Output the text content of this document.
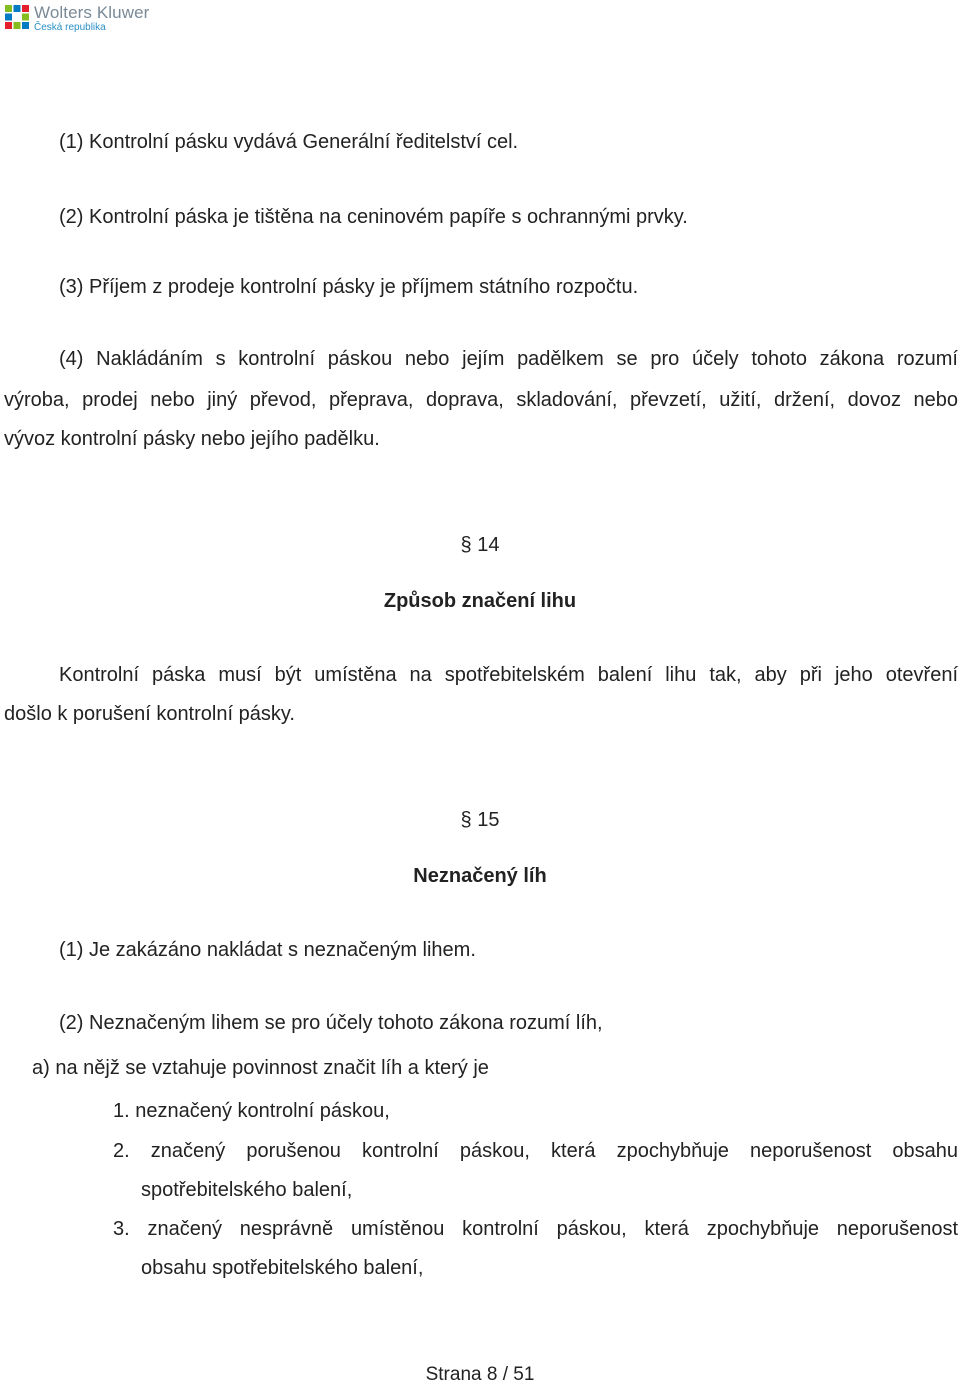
Wolters Kluwer
Česká republika
(1) Kontrolní pásku vydává Generální ředitelství cel.
(2) Kontrolní páska je tištěna na ceninovém papíře s ochrannými prvky.
(3) Příjem z prodeje kontrolní pásky je příjmem státního rozpočtu.
(4) Nakládáním s kontrolní páskou nebo jejím padělkem se pro účely tohoto zákona rozumí
výroba, prodej nebo jiný převod, přeprava, doprava, skladování, převzetí, užití, držení, dovoz nebo
vývoz kontrolní pásky nebo jejího padělku.
§ 14
Způsob značení lihu
Kontrolní páska musí být umístěna na spotřebitelském balení lihu tak, aby při jeho otevření
došlo k porušení kontrolní pásky.
§ 15
Neznačený líh
(1) Je zakázáno nakládat s neznačeným lihem.
(2) Neznačeným lihem se pro účely tohoto zákona rozumí líh,
a) na nějž se vztahuje povinnost značit líh a který je
1. neznačený kontrolní páskou,
2. značený porušenou kontrolní páskou, která zpochybňuje neporušenost obsahu
spotřebitelského balení,
3. značený nesprávně umístěnou kontrolní páskou, která zpochybňuje neporušenost
obsahu spotřebitelského balení,
Strana 8 / 51
